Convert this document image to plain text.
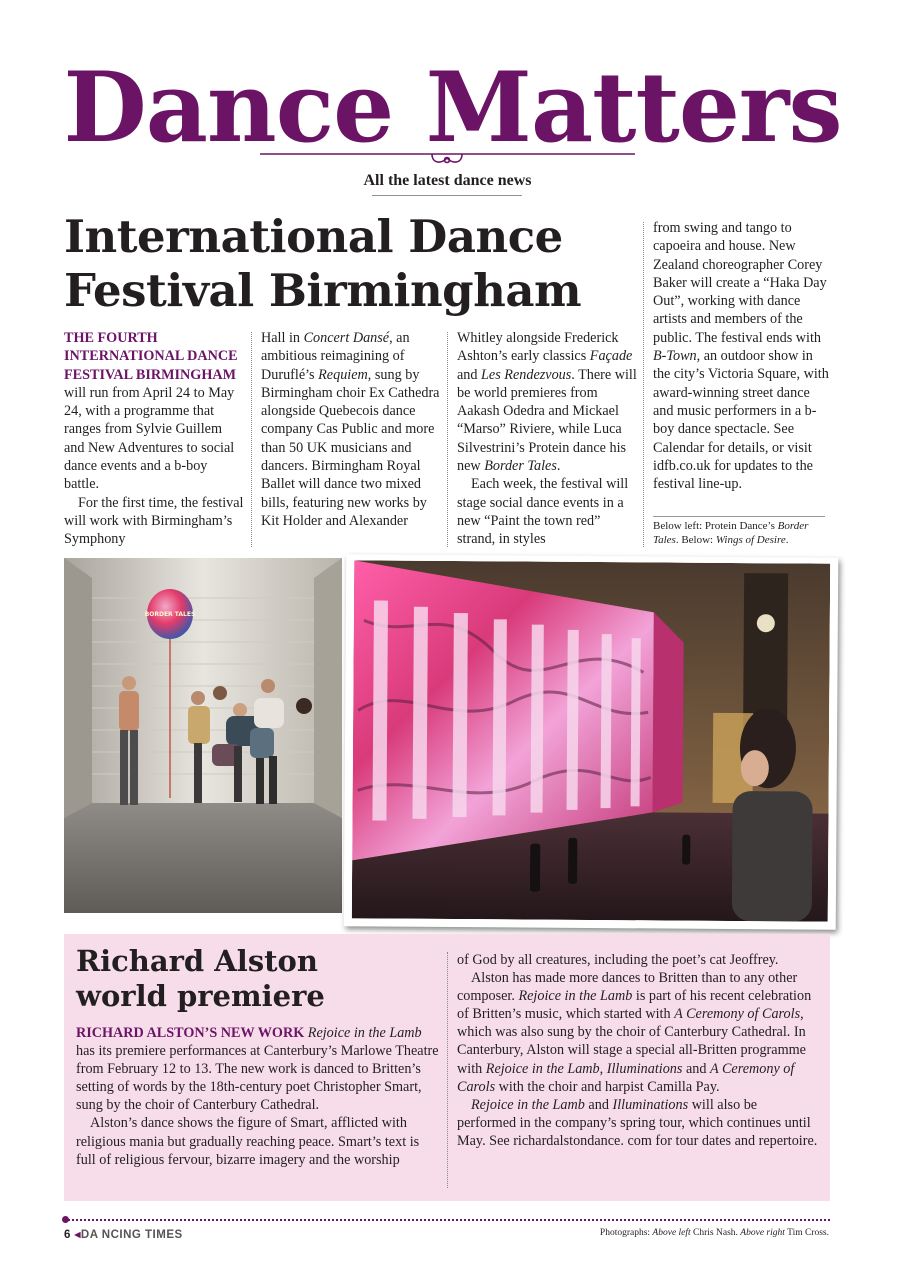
Dance Matters
All the latest dance news
International Dance
Festival Birmingham

THE FOURTH INTERNATIONAL DANCE FESTIVAL BIRMINGHAM will run from April 24 to May 24, with a programme that ranges from Sylvie Guillem and New Adventures to social dance events and a b-boy battle.

For the first time, the festival will work with Birmingham’s Symphony

Hall in Concert Dansé, an ambitious reimagining of Duruflé’s Requiem, sung by Birmingham choir Ex Cathedra alongside Quebecois dance company Cas Public and more than 50 UK musicians and dancers. Birmingham Royal Ballet will dance two mixed bills, featuring new works by Kit Holder and Alexander

Whitley alongside Frederick Ashton’s early classics Façade and Les Rendezvous. There will be world premieres from Aakash Odedra and Mickael “Marso” Riviere, while Luca Silvestrini’s Protein dance his new Border Tales.

Each week, the festival will stage social dance events in a new “Paint the town red” strand, in styles

from swing and tango to capoeira and house. New Zealand choreographer Corey Baker will create a “Haka Day Out”, working with dance artists and members of the public. The festival ends with B-Town, an outdoor show in the city’s Victoria Square, with award-winning street dance and music performers in a b-boy dance spectacle. See Calendar for details, or visit idfb.co.uk for updates to the festival line-up.

Below left: Protein Dance’s Border Tales. Below: Wings of Desire.
BORDER TALES
Richard Alston
world premiere

RICHARD ALSTON’S NEW WORK Rejoice in the Lamb has its premiere performances at Canterbury’s Marlowe Theatre from February 12 to 13. The new work is danced to Britten’s setting of words by the 18th-century poet Christopher Smart, sung by the choir of Canterbury Cathedral.

Alston’s dance shows the figure of Smart, afflicted with religious mania but gradually reaching peace. Smart’s text is full of religious fervour, bizarre imagery and the worship

of God by all creatures, including the poet’s cat Jeoffrey.

Alston has made more dances to Britten than to any other composer. Rejoice in the Lamb is part of his recent celebration of Britten’s music, which started with A Ceremony of Carols, which was also sung by the choir of Canterbury Cathedral. In Canterbury, Alston will stage a special all-Britten programme with Rejoice in the Lamb, Illuminations and A Ceremony of Carols with the choir and harpist Camilla Pay.

Rejoice in the Lamb and Illuminations will also be performed in the company’s spring tour, which continues until May. See richardalstondance. com for tour dates and repertoire.

6 ◂DA NCING TIMES	Photographs: Above left Chris Nash. Above right Tim Cross.
